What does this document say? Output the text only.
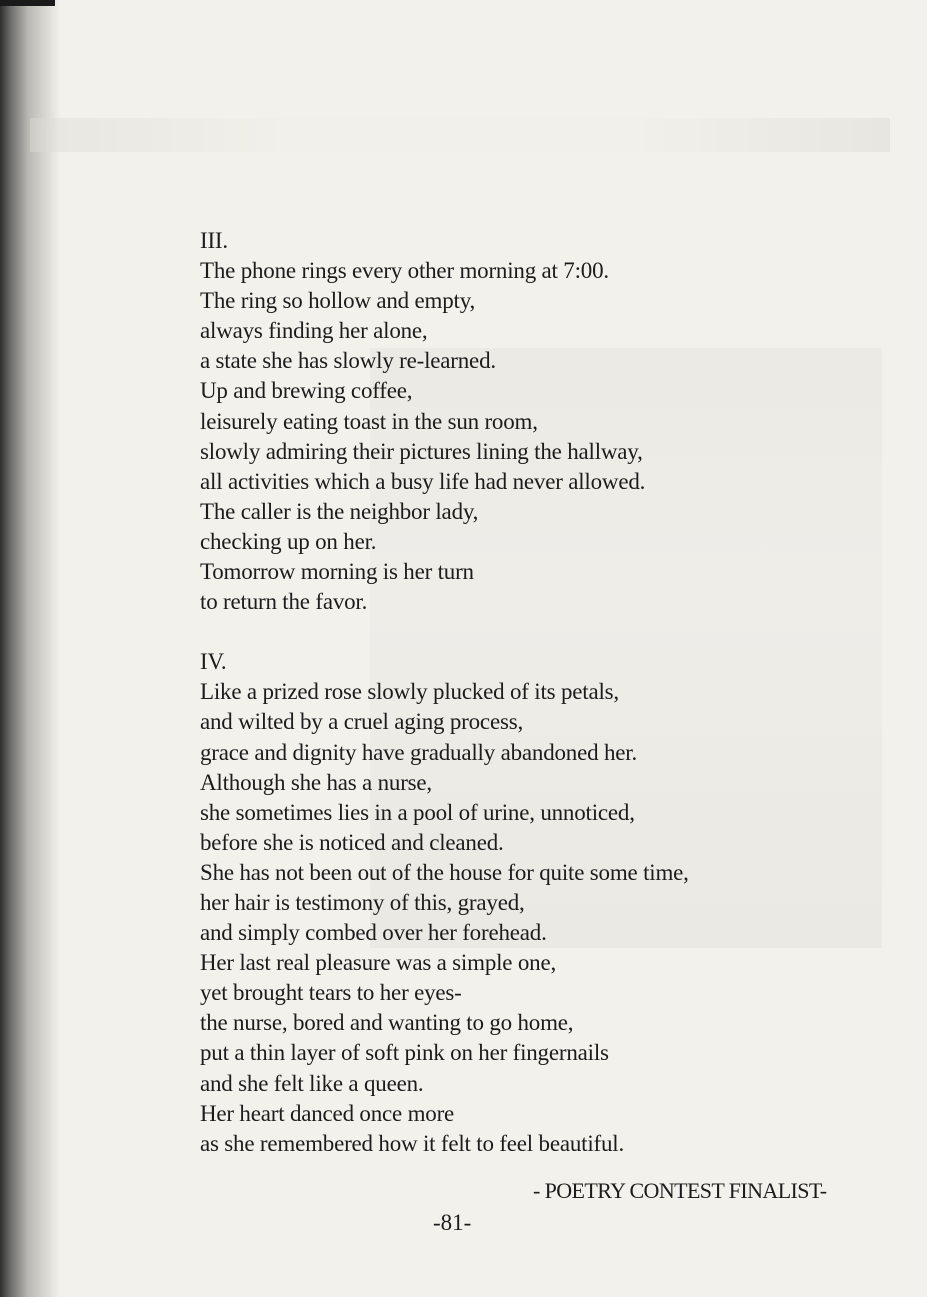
III.
The phone rings every other morning at 7:00.
The ring so hollow and empty,
always finding her alone,
a state she has slowly re-learned.
Up and brewing coffee,
leisurely eating toast in the sun room,
slowly admiring their pictures lining the hallway,
all activities which a busy life had never allowed.
The caller is the neighbor lady,
checking up on her.
Tomorrow morning is her turn
to return the favor.
IV.
Like a prized rose slowly plucked of its petals,
and wilted by a cruel aging process,
grace and dignity have gradually abandoned her.
Although she has a nurse,
she sometimes lies in a pool of urine, unnoticed,
before she is noticed and cleaned.
She has not been out of the house for quite some time,
her hair is testimony of this, grayed,
and simply combed over her forehead.
Her last real pleasure was a simple one,
yet brought tears to her eyes-
the nurse, bored and wanting to go home,
put a thin layer of soft pink on her fingernails
and she felt like a queen.
Her heart danced once more
as she remembered how it felt to feel beautiful.
- POETRY CONTEST FINALIST-
-81-
